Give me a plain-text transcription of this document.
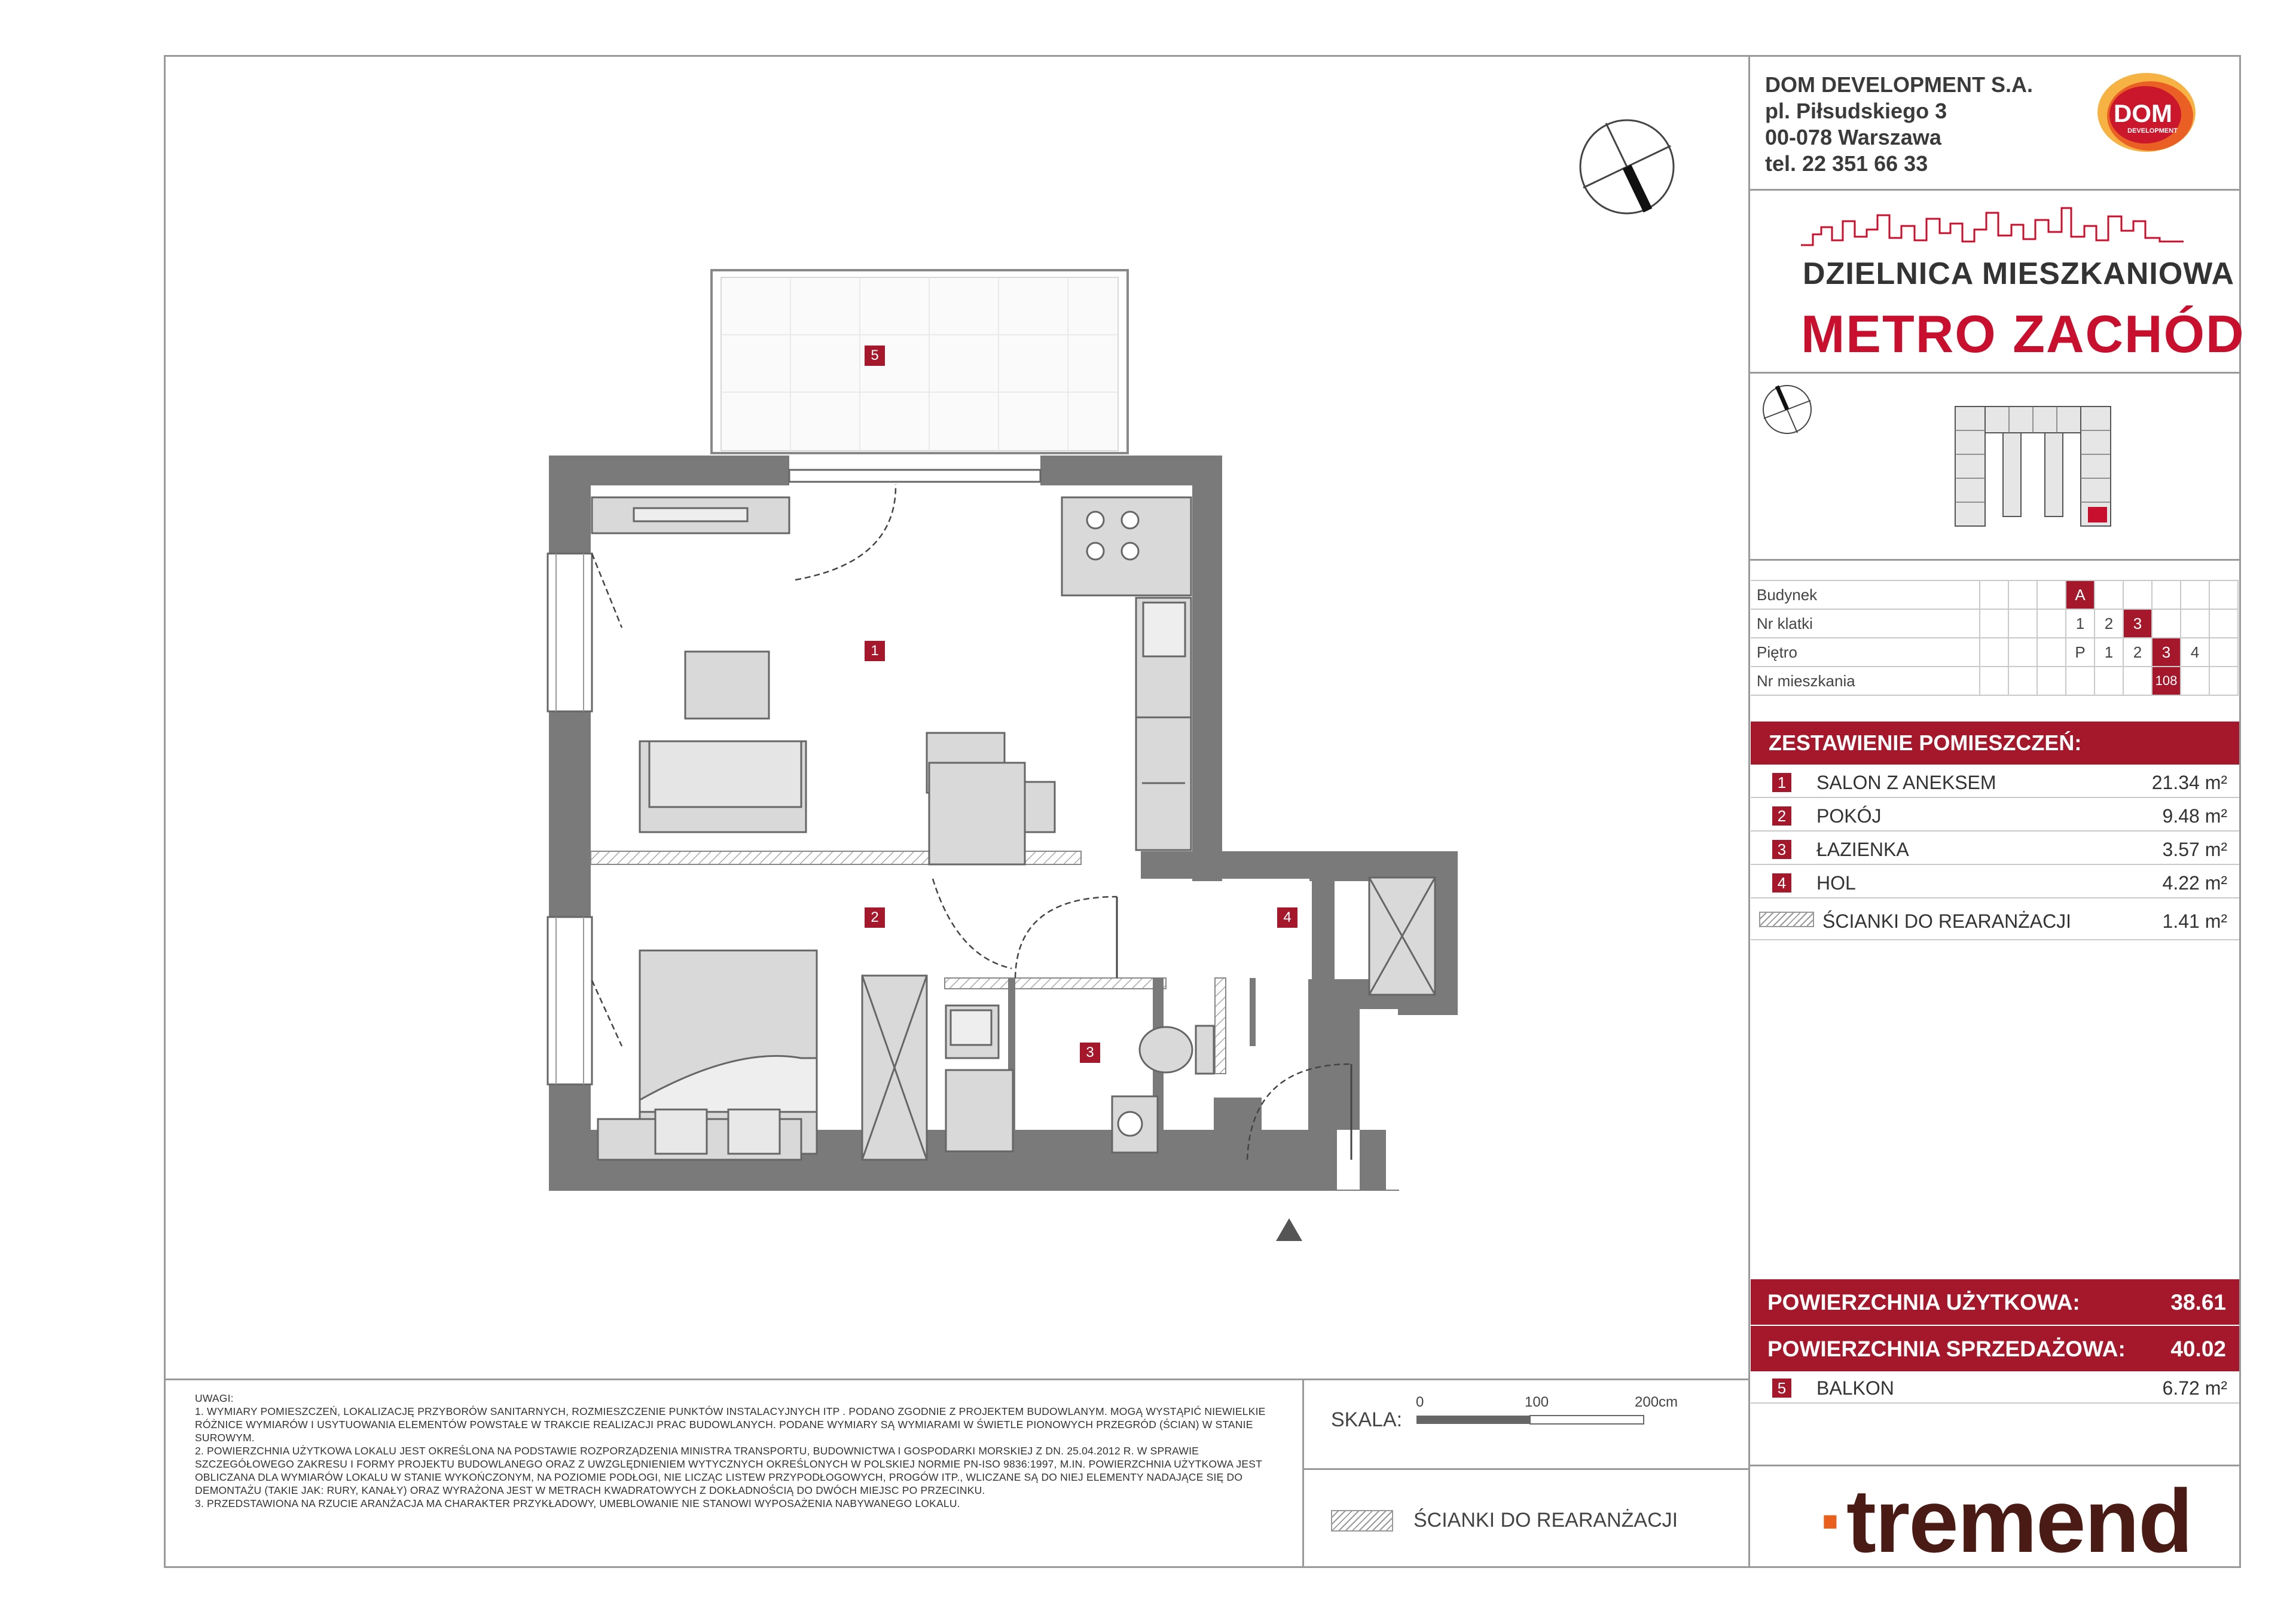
DOM DEVELOPMENT S.A.
pl. Piłsudskiego 3
00-078 Warszawa
tel. 22 351 66 33
DOM
DEVELOPMENT
DZIELNICA MIESZKANIOWA
METRO ZACHÓD
Budynek				A					
Nr klatki				1	2	3			
Piętro				P	1	2	3	4	
Nr mieszkania							108		
ZESTAWIENIE POMIESZCZEŃ:
1 SALON Z ANEKSEM	21.34 m²
2 POKÓJ	9.48 m²
3 ŁAZIENKA	3.57 m²
4 HOL	4.22 m²
ŚCIANKI DO REARANŻACJI	1.41 m²
POWIERZCHNIA UŻYTKOWA:	38.61
POWIERZCHNIA SPRZEDAŻOWA: 40.02
5 BALKON	6.72 m²
1
2
3
4
5

UWAGI:

1. WYMIARY POMIESZCZEŃ, LOKALIZACJĘ PRZYBORÓW SANITARNYCH, ROZMIESZCZENIE PUNKTÓW INSTALACYJNYCH ITP . PODANO ZGODNIE Z PROJEKTEM BUDOWLANYM. MOGĄ WYSTĄPIĆ NIEWIELKIE RÓŻNICE WYMIARÓW I USYTUOWANIA ELEMENTÓW POWSTAŁE W TRAKCIE REALIZACJI PRAC BUDOWLANYCH. PODANE WYMIARY SĄ WYMIARAMI W ŚWIETLE PIONOWYCH PRZEGRÓD (ŚCIAN) W STANIE SUROWYM.

2. POWIERZCHNIA UŻYTKOWA LOKALU JEST OKREŚLONA NA PODSTAWIE ROZPORZĄDZENIA MINISTRA TRANSPORTU, BUDOWNICTWA I GOSPODARKI MORSKIEJ Z DN. 25.04.2012 R. W SPRAWIE SZCZEGÓŁOWEGO ZAKRESU I FORMY PROJEKTU BUDOWLANEGO ORAZ Z UWZGLĘDNIENIEM WYTYCZNYCH OKREŚLONYCH W POLSKIEJ NORMIE PN-ISO 9836:1997, M.IN. POWIERZCHNIA UŻYTKOWA JEST OBLICZANA DLA WYMIARÓW LOKALU W STANIE WYKOŃCZONYM, NA POZIOMIE PODŁOGI, NIE LICZĄC LISTEW PRZYPODŁOGOWYCH, PROGÓW ITP., WLICZANE SĄ DO NIEJ ELEMENTY NADAJĄCE SIĘ DO DEMONTAŻU (TAKIE JAK: RURY, KANAŁY) ORAZ WYRAŻONA JEST W METRACH KWADRATOWYCH Z DOKŁADNOŚCIĄ DO DWÓCH MIEJSC PO PRZECINKU.

3. PRZEDSTAWIONA NA RZUCIE ARANŻACJA MA CHARAKTER PRZYKŁADOWY, UMEBLOWANIE NIE STANOWI WYPOSAŻENIA NABYWANEGO LOKALU.

SKALA:
0	100	200cm
ŚCIANKI DO REARANŻACJI ·tremend
